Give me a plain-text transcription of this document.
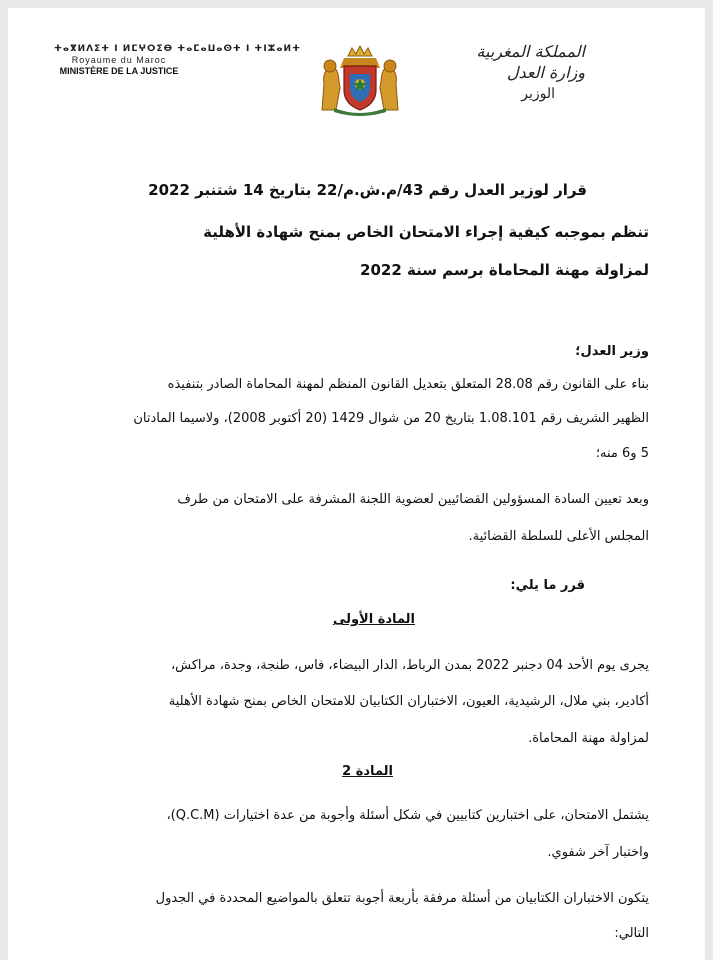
ⵜⴰⴳⵍⴷⵉⵜ ⵏ ⵍⵎⵖⵔⵉⴱ ⵜⴰⵎⴰⵡⴰⵙⵜ ⵏ ⵜⵏⵣⴰⵍⵜ
Royaume du Maroc
MINISTÈRE DE LA JUSTICE
المملكة المغربية
وزارة العدل
الوزير
قرار لوزير العدل رقم 43/م.ش.م/22 بتاريخ 14 شتنبر 2022
تنظم بموجبه كيفية إجراء الامتحان الخاص بمنح شهادة الأهلية
لمزاولة مهنة المحاماة برسم سنة 2022
وزير العدل؛
بناء على القانون رقم 28.08 المتعلق بتعديل القانون المنظم لمهنة المحاماة الصادر بتنفيذه
الظهير الشريف رقم 1.08.101 بتاريخ 20 من شوال 1429 (20 أكتوبر 2008)، ولاسيما المادتان
5 و6 منه؛
وبعد تعيين السادة المسؤولين القضائيين لعضوية اللجنة المشرفة على الامتحان من طرف
المجلس الأعلى للسلطة القضائية.
قرر ما يلي:
المادة الأولى
يجرى يوم الأحد 04 دجنبر 2022 بمدن الرباط، الدار البيضاء، فاس، طنجة، وجدة، مراكش،
أكادير، بني ملال، الرشيدية، العيون، الاختباران الكتابيان للامتحان الخاص بمنح شهادة الأهلية
لمزاولة مهنة المحاماة.
المادة 2
يشتمل الامتحان، على اختبارين كتابيين في شكل أسئلة وأجوبة من عدة اختيارات (Q.C.M)،
واختبار آخر شفوي.
يتكون الاختباران الكتابيان من أسئلة مرفقة بأربعة أجوبة تتعلق بالمواضيع المحددة في الجدول
التالي:
